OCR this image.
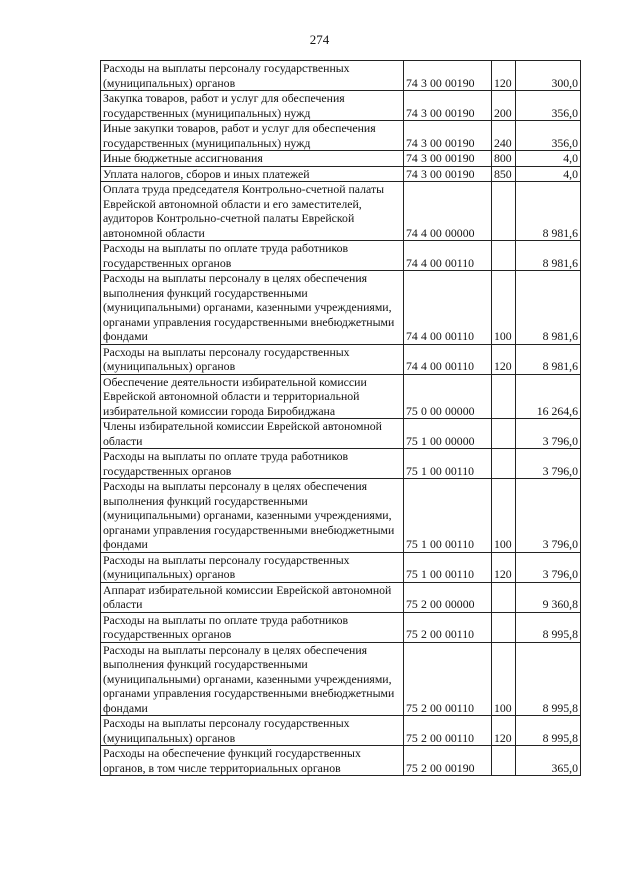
274
Расходы на выплаты персоналу государственных (муниципальных) органов	74 3 00 00190	120	300,0
Закупка товаров, работ и услуг для обеспечения государственных (муниципальных) нужд	74 3 00 00190	200	356,0
Иные закупки товаров, работ и услуг для обеспечения государственных (муниципальных) нужд	74 3 00 00190	240	356,0
Иные бюджетные ассигнования	74 3 00 00190	800	4,0
Уплата налогов, сборов и иных платежей	74 3 00 00190	850	4,0
Оплата труда председателя Контрольно-счетной палаты Еврейской автономной области и его заместителей, аудиторов Контрольно-счетной палаты Еврейской автономной области	74 4 00 00000		8 981,6
Расходы на выплаты по оплате труда работников государственных органов	74 4 00 00110		8 981,6
Расходы на выплаты персоналу в целях обеспечения выполнения функций государственными (муниципальными) органами, казенными учреждениями, органами управления государственными внебюджетными фондами	74 4 00 00110	100	8 981,6
Расходы на выплаты персоналу государственных (муниципальных) органов	74 4 00 00110	120	8 981,6
Обеспечение деятельности избирательной комиссии Еврейской автономной области и территориальной избирательной комиссии города Биробиджана	75 0 00 00000		16 264,6
Члены избирательной комиссии Еврейской автономной области	75 1 00 00000		3 796,0
Расходы на выплаты по оплате труда работников государственных органов	75 1 00 00110		3 796,0
Расходы на выплаты персоналу в целях обеспечения выполнения функций государственными (муниципальными) органами, казенными учреждениями, органами управления государственными внебюджетными фондами	75 1 00 00110	100	3 796,0
Расходы на выплаты персоналу государственных (муниципальных) органов	75 1 00 00110	120	3 796,0
Аппарат избирательной комиссии Еврейской автономной области	75 2 00 00000		9 360,8
Расходы на выплаты по оплате труда работников государственных органов	75 2 00 00110		8 995,8
Расходы на выплаты персоналу в целях обеспечения выполнения функций государственными (муниципальными) органами, казенными учреждениями, органами управления государственными внебюджетными фондами	75 2 00 00110	100	8 995,8
Расходы на выплаты персоналу государственных (муниципальных) органов	75 2 00 00110	120	8 995,8
Расходы на обеспечение функций государственных органов, в том числе территориальных органов	75 2 00 00190		365,0
